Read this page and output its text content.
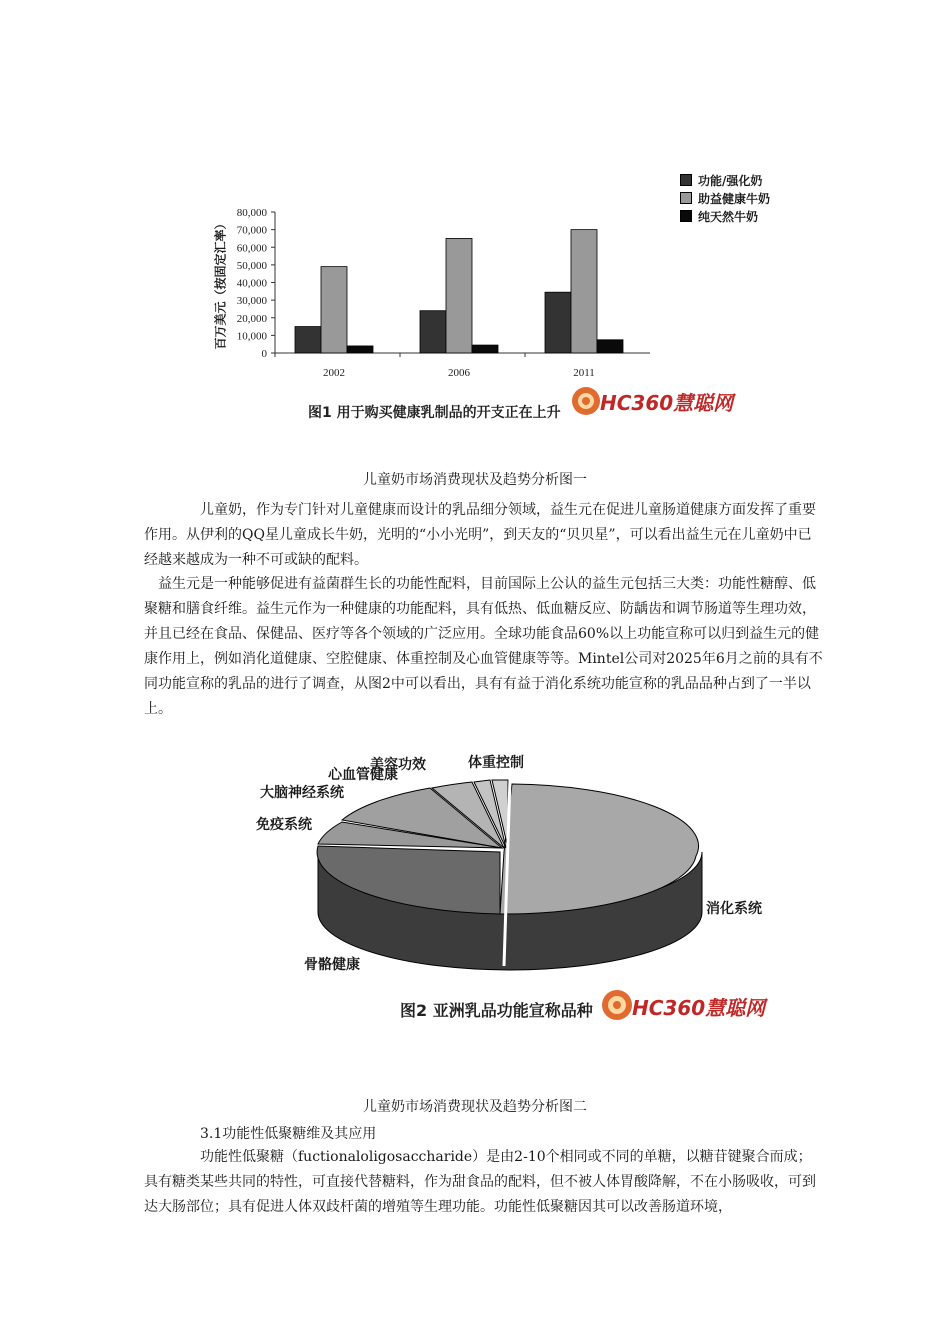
功能/强化奶
助益健康牛奶
纯天然牛奶
百万美元（按固定汇率）
80,000
70,000
60,000
50,000
40,000
30,000
20,000
10,000
0
2002	2006	2011
图1 用于购买健康乳制品的开支正在上升 HC360慧聪网
儿童奶市场消费现状及趋势分析图一

儿童奶，作为专门针对儿童健康而设计的乳品细分领域，益生元在促进儿童肠道健康方面发挥了重要作用。从伊利的QQ星儿童成长牛奶，光明的“小小光明”，到天友的“贝贝星”，可以看出益生元在儿童奶中已经越来越成为一种不可或缺的配料。

益生元是一种能够促进有益菌群生长的功能性配料，目前国际上公认的益生元包括三大类：功能性糖醇、低聚糖和膳食纤维。益生元作为一种健康的功能配料，具有低热、低血糖反应、防龋齿和调节肠道等生理功效，并且已经在食品、保健品、医疗等各个领域的广泛应用。全球功能食品60%以上功能宣称可以归到益生元的健康作用上，例如消化道健康、空腔健康、体重控制及心血管健康等等。Mintel公司对2025年6月之前的具有不同功能宣称的乳品的进行了调查，从图2中可以看出，具有有益于消化系统功能宣称的乳品品种占到了一半以上。

体重控制
美容功效
心血管健康
大脑神经系统
免疫系统
消化系统
骨骼健康
图2 亚洲乳品功能宣称品种 HC360慧聪网
儿童奶市场消费现状及趋势分析图二
3.1功能性低聚糖维及其应用

功能性低聚糖（fuctionaloligosaccharide）是由2-10个相同或不同的单糖，以糖苷键聚合而成；具有糖类某些共同的特性，可直接代替糖料，作为甜食品的配料，但不被人体胃酸降解，不在小肠吸收，可到达大肠部位；具有促进人体双歧杆菌的增殖等生理功能。功能性低聚糖因其可以改善肠道环境，
